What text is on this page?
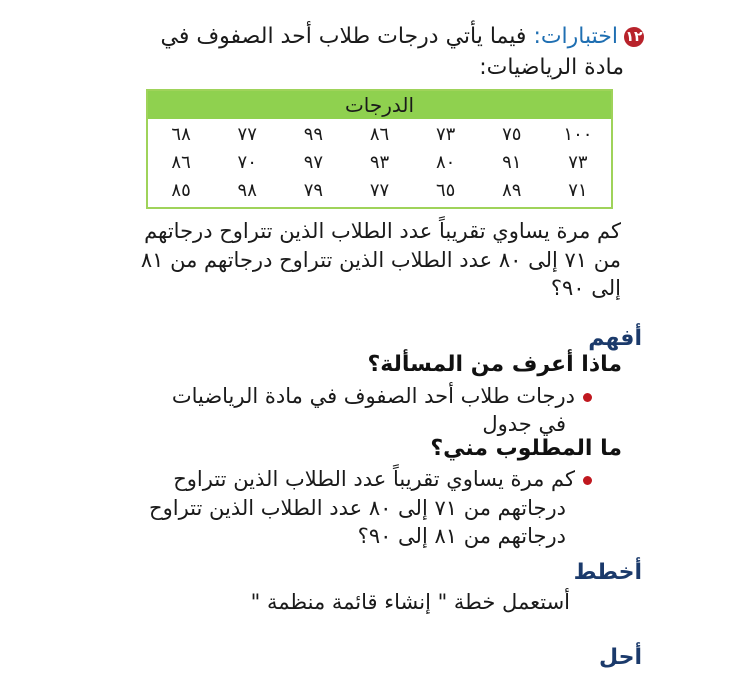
١٢اختبارات: فيما يأتي درجات طلاب أحد الصفوف في
مادة الرياضيات:
الدرجات
١٠٠
٧٥
٧٣
٨٦
٩٩
٧٧
٦٨
٧٣
٩١
٨٠
٩٣
٩٧
٧٠
٨٦
٧١
٨٩
٦٥
٧٧
٧٩
٩٨
٨٥
كم مرة يساوي تقريباً عدد الطلاب الذين تتراوح درجاتهم
من ٧١ إلى ٨٠ عدد الطلاب الذين تتراوح درجاتهم من ٨١
إلى ٩٠؟
أفهم
ماذا أعرف من المسألة؟
درجات طلاب أحد الصفوف في مادة الرياضيات
في جدول
ما المطلوب مني؟
كم مرة يساوي تقريباً عدد الطلاب الذين تتراوح
درجاتهم من ٧١ إلى ٨٠ عدد الطلاب الذين تتراوح
درجاتهم من ٨١ إلى ٩٠؟
أخطط
أستعمل خطة " إنشاء قائمة منظمة "
أحل
